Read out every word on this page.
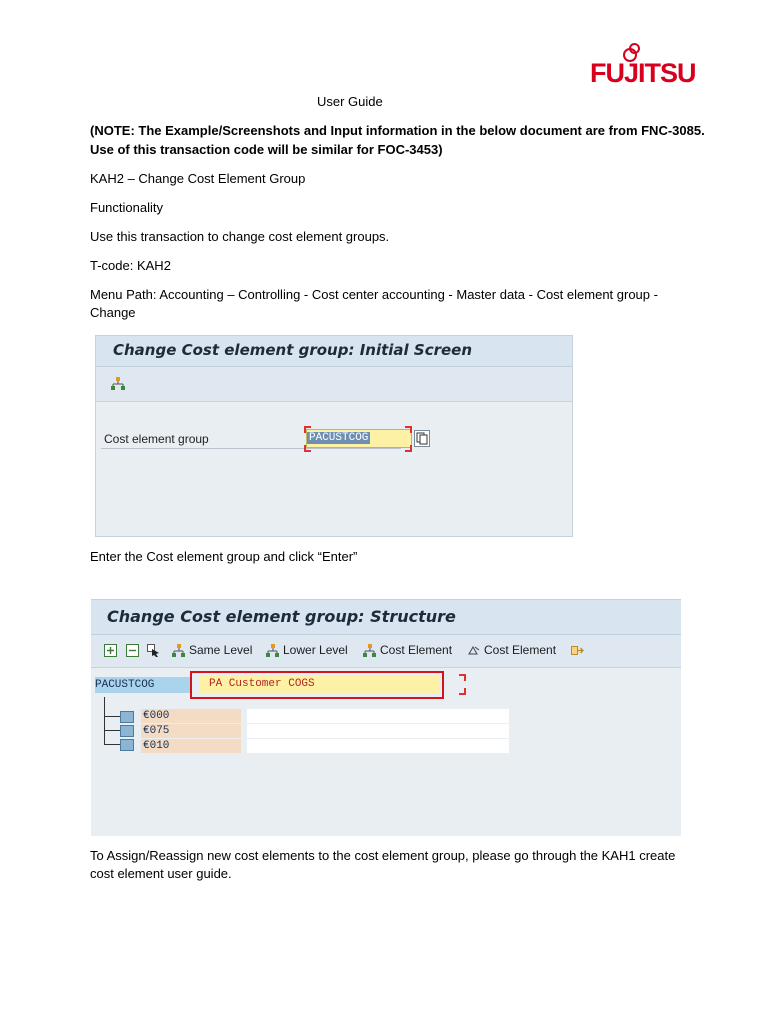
FUJITSU
User Guide
(NOTE: The Example/Screenshots and Input information in the below document are from FNC-3085.
Use of this transaction code will be similar for FOC-3453)
KAH2 – Change Cost Element Group
Functionality
Use this transaction to change cost element groups.
T-code: KAH2
Menu Path: Accounting – Controlling - Cost center accounting - Master data - Cost element group -
Change
Change Cost element group: Initial Screen
Cost element group	PACUSTCOG
Enter the Cost element group and click “Enter”
Change Cost element group: Structure
Same Level	Lower Level	Cost Element	Cost Element
PACUSTCOG	PA Customer COGS
€000
€075
€010
To Assign/Reassign new cost elements to the cost element group, please go through the KAH1 create
cost element user guide.
